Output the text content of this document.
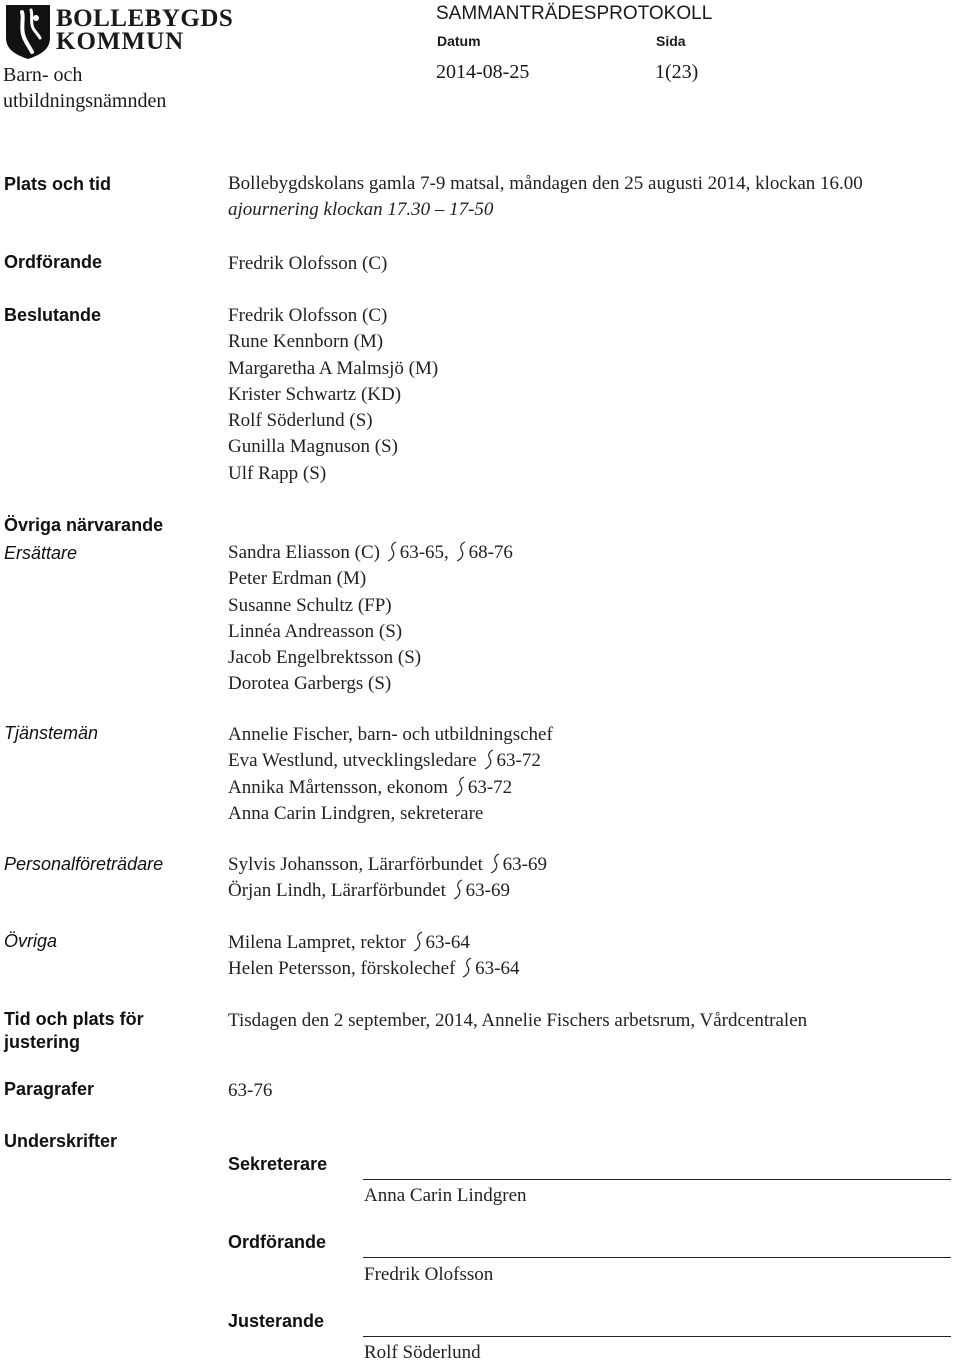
BOLLEBYGDS
KOMMUN
Barn- och
utbildningsnämnden
SAMMANTRÄDESPROTOKOLL
Datum	Sida
2014-08-25	1(23)
Plats och tid	Bollebygdskolans gamla 7-9 matsal, måndagen den 25 augusti 2014, klockan 16.00
ajournering klockan 17.30 – 17-50
Ordförande	Fredrik Olofsson (C)
Beslutande	Fredrik Olofsson (C)
Rune Kennborn (M)
Margaretha A Malmsjö (M)
Krister Schwartz (KD)
Rolf Söderlund (S)
Gunilla Magnuson (S)
Ulf Rapp (S)
Övriga närvarande
Ersättare	Sandra Eliasson (C) 63-65, 68-76
Peter Erdman (M)
Susanne Schultz (FP)
Linnéa Andreasson (S)
Jacob Engelbrektsson (S)
Dorotea Garbergs (S)
Tjänstemän	Annelie Fischer, barn- och utbildningschef
Eva Westlund, utvecklingsledare 63-72
Annika Mårtensson, ekonom 63-72
Anna Carin Lindgren, sekreterare
Personalföreträdare	Sylvis Johansson, Lärarförbundet 63-69
Örjan Lindh, Lärarförbundet 63-69
Övriga	Milena Lampret, rektor 63-64
Helen Petersson, förskolechef 63-64
Tid och plats för
justering
Tisdagen den 2 september, 2014, Annelie Fischers arbetsrum, Vårdcentralen
Paragrafer	63-76
Underskrifter
Sekreterare
Anna Carin Lindgren
Ordförande
Fredrik Olofsson
Justerande
Rolf Söderlund
